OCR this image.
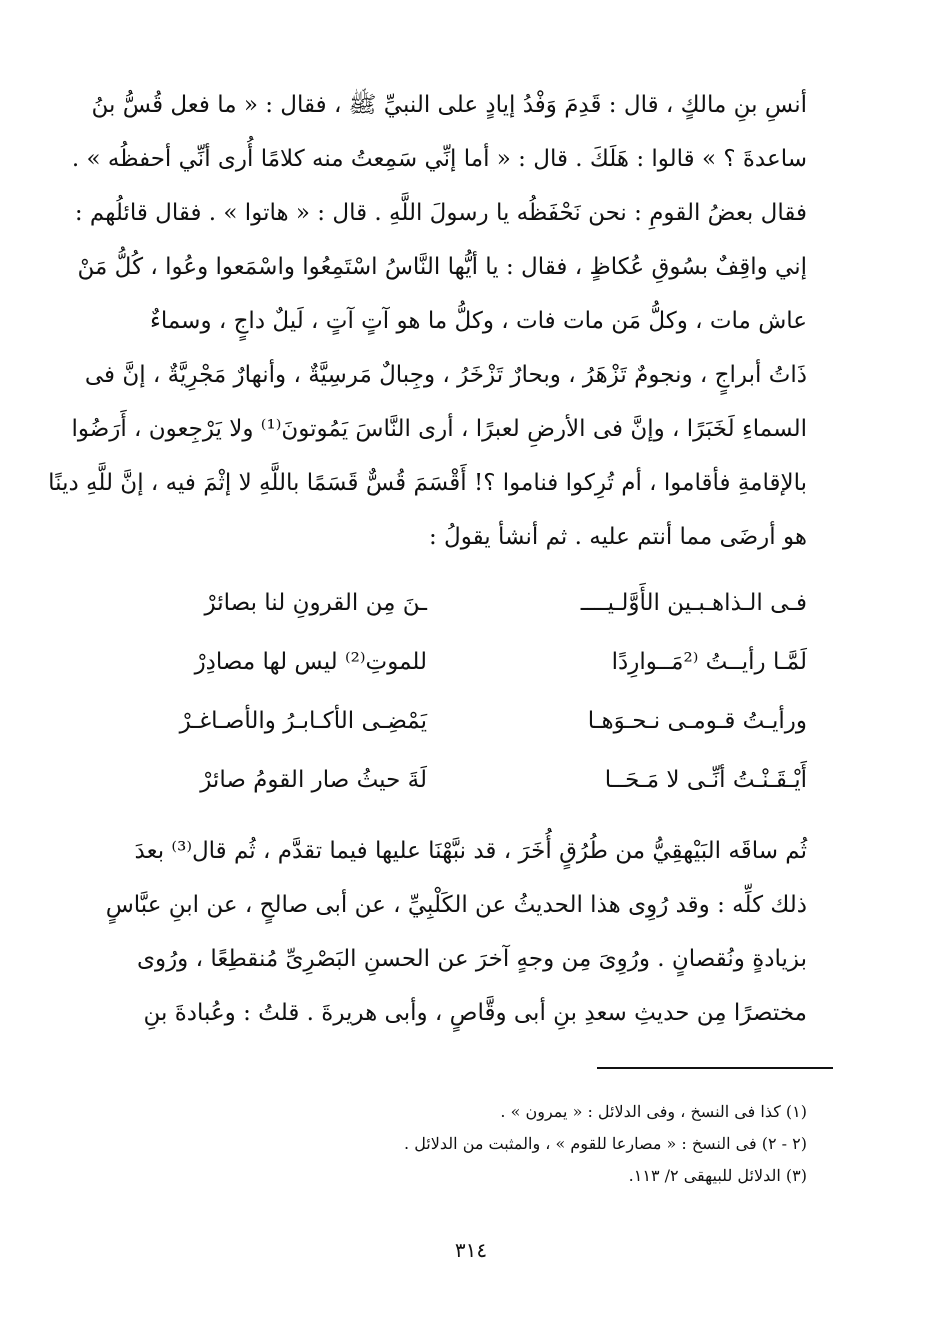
أنسِ بنِ مالكٍ ، قال : قَدِمَ وَفْدُ إيادٍ على النبيِّ ﷺ ، فقال : « ما فعل قُسُّ بنُ
ساعدةَ ؟ » قالوا : هَلَكَ . قال : « أما إنِّي سَمِعتُ منه كلامًا أُرى أنِّي أحفظُه » .
فقال بعضُ القومِ : نحن نَحْفَظُه يا رسولَ اللَّهِ . قال : « هاتوا » . فقال قائلُهم :
إني واقِفٌ بسُوقِ عُكاظٍ ، فقال : يا أيُّها النَّاسُ اسْتَمِعُوا واسْمَعوا وعُوا ، كُلُّ مَنْ
عاش مات ، وكلُّ مَن مات فات ، وكلُّ ما هو آتٍ آتٍ ، لَيلٌ داجٍ ، وسماءٌ
ذَاتُ أبراجٍ ، ونجومٌ تَزْهَرُ ، وبحارٌ تَزْخَرُ ، وجِبالٌ مَرسِيَّةٌ ، وأنهارٌ مَجْرِيَّةٌ ، إنَّ فى
السماءِ لَخَبَرًا ، وإنَّ فى الأرضِ لعبرًا ، أرى النَّاسَ يَمُوتونَ⁽¹⁾ ولا يَرْجِعون ، أَرَضُوا
بالإقامةِ فأقاموا ، أم تُرِكوا فناموا ؟! أَقْسَمَ قُسٌّ قَسَمًا باللَّهِ لا إثْمَ فيه ، إنَّ للَّهِ دينًا
هو أرضَى مما أنتم عليه . ثم أنشأ يقولُ :
فـى الـذاهـبـين الأَوَّلـيــــ
ـنَ مِن القرونِ لنا بصائرْ
لَمَّـا رأيــتُ ⁽²مَــوارِدًا
للموتِ⁽²⁾ ليس لها مصادِرْ
ورأيـتُ قـومـى نـحـوَهـا
يَمْضِـى الأكـابـرُ والأصـاغـرْ
أَيْـقَـنْـتُ أنِّـى لا مَـحَــا
لَةَ حيثُ صار القومُ صائرْ
ثُم ساقَه البَيْهقِيُّ من طُرُقٍ أُخَرَ ، قد نبَّهْنَا عليها فيما تقدَّم ، ثُم قال⁽³⁾ بعدَ
ذلك كلِّه : وقد رُوِى هذا الحديثُ عن الكَلْبِيِّ ، عن أبى صالحٍ ، عن ابنِ عبَّاسٍ
بزيادةٍ ونُقصانٍ . ورُوِىَ مِن وجهٍ آخرَ عن الحسنِ البَصْرِىِّ مُنقطِعًا ، ورُوى
مختصرًا مِن حديثِ سعدِ بنِ أبى وقَّاصٍ ، وأبى هريرةَ . قلتُ : وعُبادةَ بنِ
(١) كذا فى النسخ ، وفى الدلائل : « يمرون » .
(٢ - ٢) فى النسخ : « مصارعا للقوم » ، والمثبت من الدلائل .
(٣) الدلائل للبيهقى ٢/ ١١٣.
٣١٤
